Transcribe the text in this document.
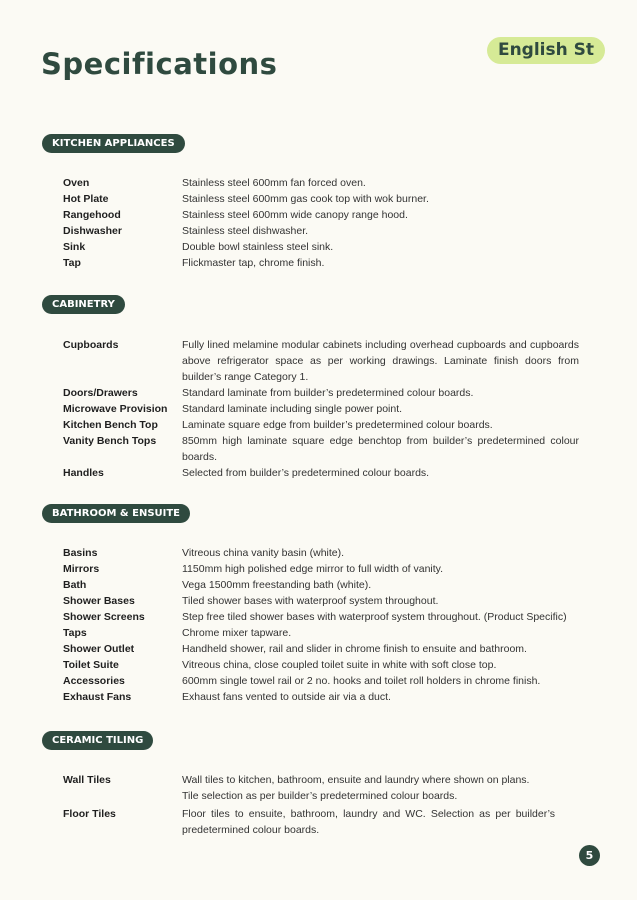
Specifications	English St
KITCHEN APPLIANCES
Oven	Stainless steel 600mm fan forced oven.
Hot Plate	Stainless steel 600mm gas cook top with wok burner.
Rangehood	Stainless steel 600mm wide canopy range hood.
Dishwasher	Stainless steel dishwasher.
Sink	Double bowl stainless steel sink.
Tap	Flickmaster tap, chrome finish.
CABINETRY
Cupboards	Fully lined melamine modular cabinets including overhead cupboards and cupboards above refrigerator space as per working drawings. Laminate finish doors from builder’s range Category 1.
Doors/Drawers	Standard laminate from builder’s predetermined colour boards.
Microwave Provision	Standard laminate including single power point.
Kitchen Bench Top	Laminate square edge from builder’s predetermined colour boards.
Vanity Bench Tops	850mm high laminate square edge benchtop from builder’s predetermined colour boards.
Handles	Selected from builder’s predetermined colour boards.
BATHROOM & ENSUITE
Basins	Vitreous china vanity basin (white).
Mirrors	1150mm high polished edge mirror to full width of vanity.
Bath	Vega 1500mm freestanding bath (white).
Shower Bases	Tiled shower bases with waterproof system throughout.
Shower Screens	Step free tiled shower bases with waterproof system throughout. (Product Specific)
Taps	Chrome mixer tapware.
Shower Outlet	Handheld shower, rail and slider in chrome finish to ensuite and bathroom.
Toilet Suite	Vitreous china, close coupled toilet suite in white with soft close top.
Accessories	600mm single towel rail or 2 no. hooks and toilet roll holders in chrome finish.
Exhaust Fans	Exhaust fans vented to outside air via a duct.
CERAMIC TILING
Wall Tiles	Wall tiles to kitchen, bathroom, ensuite and laundry where shown on plans.
Tile selection as per builder’s predetermined colour boards.
Floor Tiles	Floor tiles to ensuite, bathroom, laundry and WC. Selection as per builder’s predetermined colour boards.
5
